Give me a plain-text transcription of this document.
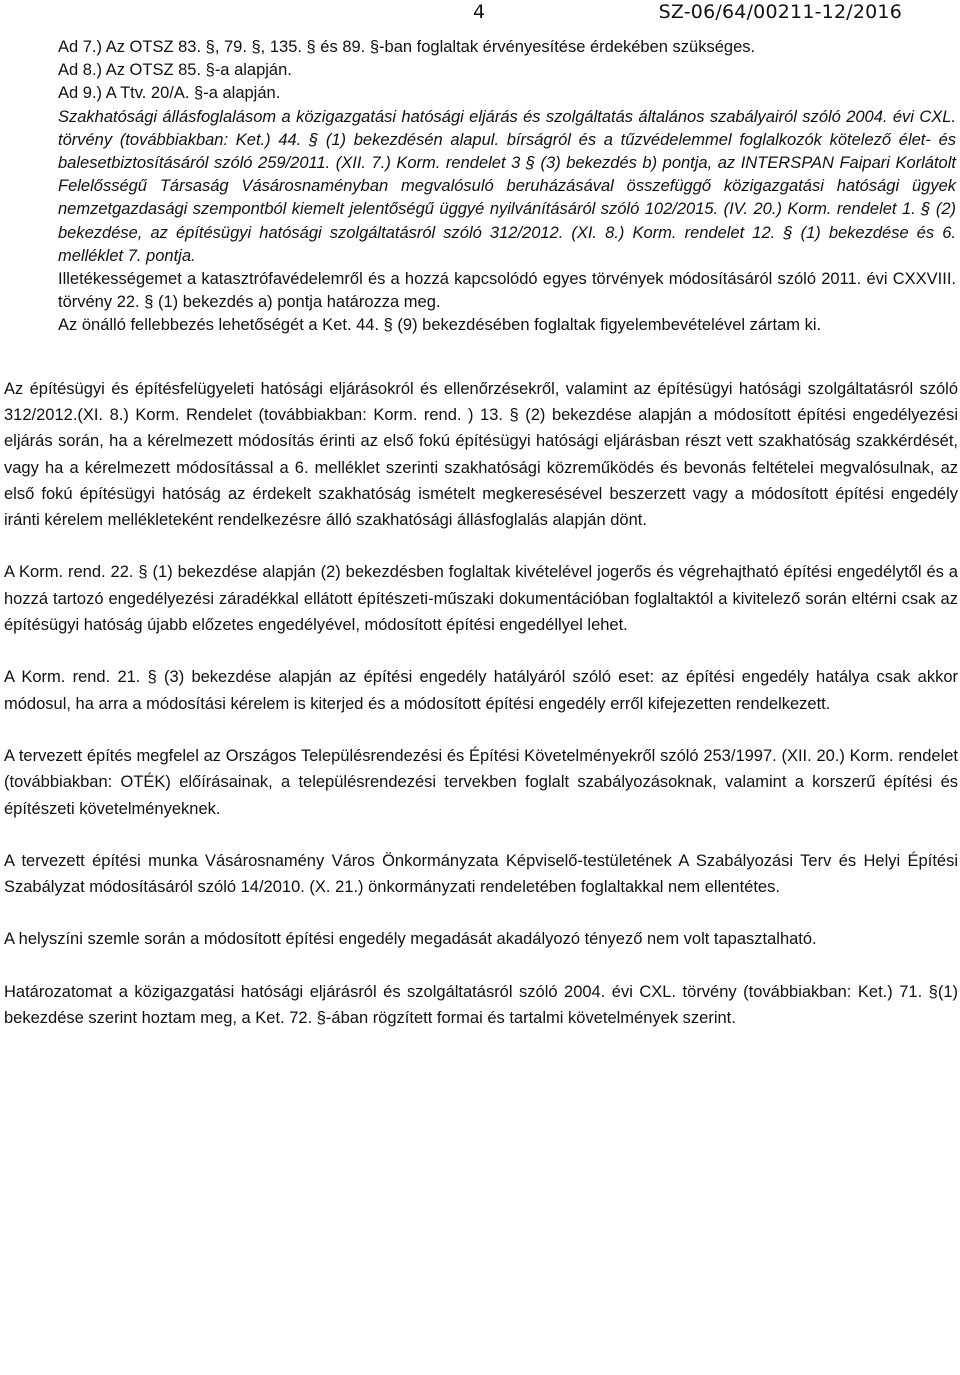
4	SZ-06/64/00211-12/2016

Ad 7.) Az OTSZ 83. §, 79. §, 135. § és 89. §-ban foglaltak érvényesítése érdekében szükséges.

Ad 8.) Az OTSZ 85. §-a alapján.

Ad 9.) A Ttv. 20/A. §-a alapján.

Szakhatósági állásfoglalásom a közigazgatási hatósági eljárás és szolgáltatás általános szabályairól szóló 2004. évi CXL. törvény (továbbiakban: Ket.) 44. § (1) bekezdésén alapul. bírságról és a tűzvédelemmel foglalkozók kötelező élet- és balesetbiztosításáról szóló 259/2011. (XII. 7.) Korm. rendelet 3 § (3) bekezdés b) pontja, az INTERSPAN Faipari Korlátolt Felelősségű Társaság Vásárosnaményban megvalósuló beruházásával összefüggő közigazgatási hatósági ügyek nemzetgazdasági szempontból kiemelt jelentőségű üggyé nyilvánításáról szóló 102/2015. (IV. 20.) Korm. rendelet 1. § (2) bekezdése, az építésügyi hatósági szolgáltatásról szóló 312/2012. (XI. 8.) Korm. rendelet 12. § (1) bekezdése és 6. melléklet 7. pontja.

Illetékességemet a katasztrófavédelemről és a hozzá kapcsolódó egyes törvények módosításáról szóló 2011. évi CXXVIII. törvény 22. § (1) bekezdés a) pontja határozza meg.

Az önálló fellebbezés lehetőségét a Ket. 44. § (9) bekezdésében foglaltak figyelembevételével zártam ki.

Az építésügyi és építésfelügyeleti hatósági eljárásokról és ellenőrzésekről, valamint az építésügyi hatósági szolgáltatásról szóló 312/2012.(XI. 8.) Korm. Rendelet (továbbiakban: Korm. rend. ) 13. § (2) bekezdése alapján a módosított építési engedélyezési eljárás során, ha a kérelmezett módosítás érinti az első fokú építésügyi hatósági eljárásban részt vett szakhatóság szakkérdését, vagy ha a kérelmezett módosítással a 6. melléklet szerinti szakhatósági közreműködés és bevonás feltételei megvalósulnak, az első fokú építésügyi hatóság az érdekelt szakhatóság ismételt megkeresésével beszerzett vagy a módosított építési engedély iránti kérelem mellékleteként rendelkezésre álló szakhatósági állásfoglalás alapján dönt.

A Korm. rend. 22. § (1) bekezdése alapján (2) bekezdésben foglaltak kivételével jogerős és végrehajtható építési engedélytől és a hozzá tartozó engedélyezési záradékkal ellátott építészeti-műszaki dokumentációban foglaltaktól a kivitelező során eltérni csak az építésügyi hatóság újabb előzetes engedélyével, módosított építési engedéllyel lehet.

A Korm. rend. 21. § (3) bekezdése alapján az építési engedély hatályáról szóló eset: az építési engedély hatálya csak akkor módosul, ha arra a módosítási kérelem is kiterjed és a módosított építési engedély erről kifejezetten rendelkezett.

A tervezett építés megfelel az Országos Településrendezési és Építési Követelményekről szóló 253/1997. (XII. 20.) Korm. rendelet (továbbiakban: OTÉK) előírásainak, a településrendezési tervekben foglalt szabályozásoknak, valamint a korszerű építési és építészeti követelményeknek.

A tervezett építési munka Vásárosnamény Város Önkormányzata Képviselő-testületének A Szabályozási Terv és Helyi Építési Szabályzat módosításáról szóló 14/2010. (X. 21.) önkormányzati rendeletében foglaltakkal nem ellentétes.

A helyszíni szemle során a módosított építési engedély megadását akadályozó tényező nem volt tapasztalható.

Határozatomat a közigazgatási hatósági eljárásról és szolgáltatásról szóló 2004. évi CXL. törvény (továbbiakban: Ket.) 71. §(1) bekezdése szerint hoztam meg, a Ket. 72. §-ában rögzített formai és tartalmi követelmények szerint.
